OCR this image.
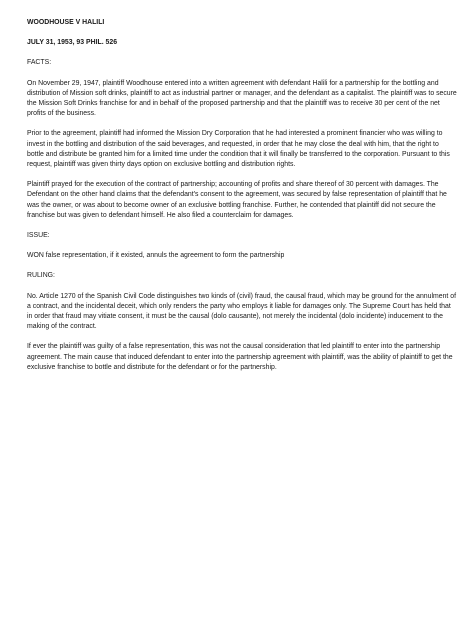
WOODHOUSE V HALILI

JULY 31, 1953, 93 PHIL. 526

FACTS:

On November 29, 1947, plaintiff Woodhouse entered into a written agreement with defendant Halili for a partnership for the bottling and distribution of Mission soft drinks, plaintiff to act as industrial partner or manager, and the defendant as a capitalist. The plaintiff was to secure the Mission Soft Drinks franchise for and in behalf of the proposed partnership and that the plaintiff was to receive 30 per cent of the net profits of the business.

Prior to the agreement, plaintiff had informed the Mission Dry Corporation that he had interested a prominent financier who was willing to invest in the bottling and distribution of the said beverages, and requested, in order that he may close the deal with him, that the right to bottle and distribute be granted him for a limited time under the condition that it will finally be transferred to the corporation. Pursuant to this request, plaintiff was given thirty days option on exclusive bottling and distribution rights.

Plaintiff prayed for the execution of the contract of partnership; accounting of profits and share thereof of 30 percent with damages. The Defendant on the other hand claims that the defendant's consent to the agreement, was secured by false representation of plaintiff that he was the owner, or was about to become owner of an exclusive bottling franchise. Further, he contended that plaintiff did not secure the franchise but was given to defendant himself. He also filed a counterclaim for damages.

ISSUE:

WON false representation, if it existed, annuls the agreement to form the partnership

RULING:

No. Article 1270 of the Spanish Civil Code distinguishes two kinds of (civil) fraud, the causal fraud, which may be ground for the annulment of a contract, and the incidental deceit, which only renders the party who employs it liable for damages only. The Supreme Court has held that in order that fraud may vitiate consent, it must be the causal (dolo causante), not merely the incidental (dolo incidente) inducement to the making of the contract.

If ever the plaintiff was guilty of a false representation, this was not the causal consideration that led plaintiff to enter into the partnership agreement. The main cause that induced defendant to enter into the partnership agreement with plaintiff, was the ability of plaintiff to get the exclusive franchise to bottle and distribute for the defendant or for the partnership.
